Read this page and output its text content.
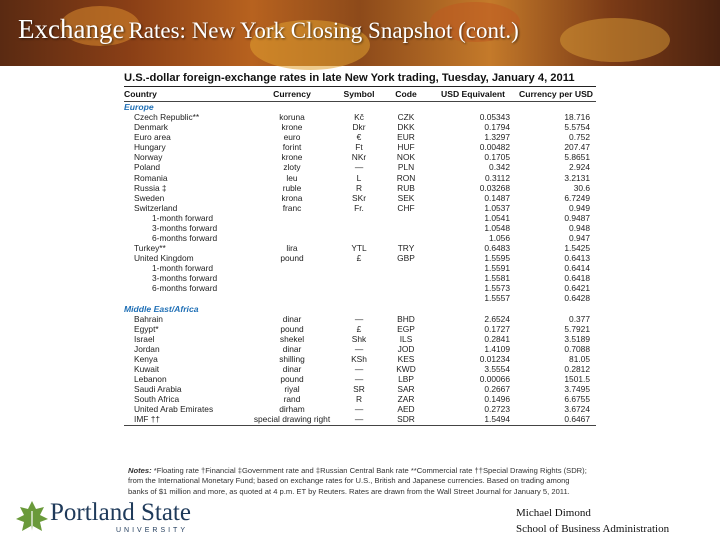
Exchange Rates: New York Closing Snapshot (cont.)
U.S.-dollar foreign-exchange rates in late New York trading, Tuesday, January 4, 2011
Country	Currency	Symbol	Code	USD Equivalent	Currency per USD
Europe					
Czech Republic**	koruna	Kč	CZK	0.05343	18.716
Denmark	krone	Dkr	DKK	0.1794	5.5754
Euro area	euro	€	EUR	1.3297	0.752
Hungary	forint	Ft	HUF	0.00482	207.47
Norway	krone	NKr	NOK	0.1705	5.8651
Poland	zloty	—	PLN	0.342	2.924
Romania	leu	L	RON	0.3112	3.2131
Russia ‡	ruble	R	RUB	0.03268	30.6
Sweden	krona	SKr	SEK	0.1487	6.7249
Switzerland	franc	Fr.	CHF	1.0537	0.949
1-month forward				1.0541	0.9487
3-months forward				1.0548	0.948
6-months forward				1.056	0.947
Turkey**	lira	YTL	TRY	0.6483	1.5425
United Kingdom	pound	£	GBP	1.5595	0.6413
1-month forward				1.5591	0.6414
3-months forward				1.5581	0.6418
6-months forward				1.5573	0.6421
				1.5557	0.6428
Middle East/Africa					
Bahrain	dinar	—	BHD	2.6524	0.377
Egypt*	pound	£	EGP	0.1727	5.7921
Israel	shekel	Shk	ILS	0.2841	3.5189
Jordan	dinar	—	JOD	1.4109	0.7088
Kenya	shilling	KSh	KES	0.01234	81.05
Kuwait	dinar	—	KWD	3.5554	0.2812
Lebanon	pound	—	LBP	0.00066	1501.5
Saudi Arabia	riyal	SR	SAR	0.2667	3.7495
South Africa	rand	R	ZAR	0.1496	6.6755
United Arab Emirates	dirham	—	AED	0.2723	3.6724
IMF ††	special drawing right	—	SDR	1.5494	0.6467
Notes: *Floating rate †Financial ‡Government rate and ‡Russian Central Bank rate **Commercial rate ††Special Drawing Rights (SDR); from the International Monetary Fund; based on exchange rates for U.S., British and Japanese currencies. Based on trading among banks of $1 million and more, as quoted at 4 p.m. ET by Reuters. Rates are drawn from the Wall Street Journal for January 5, 2011.
Portland State
UNIVERSITY
Michael Dimond
School of Business Administration
